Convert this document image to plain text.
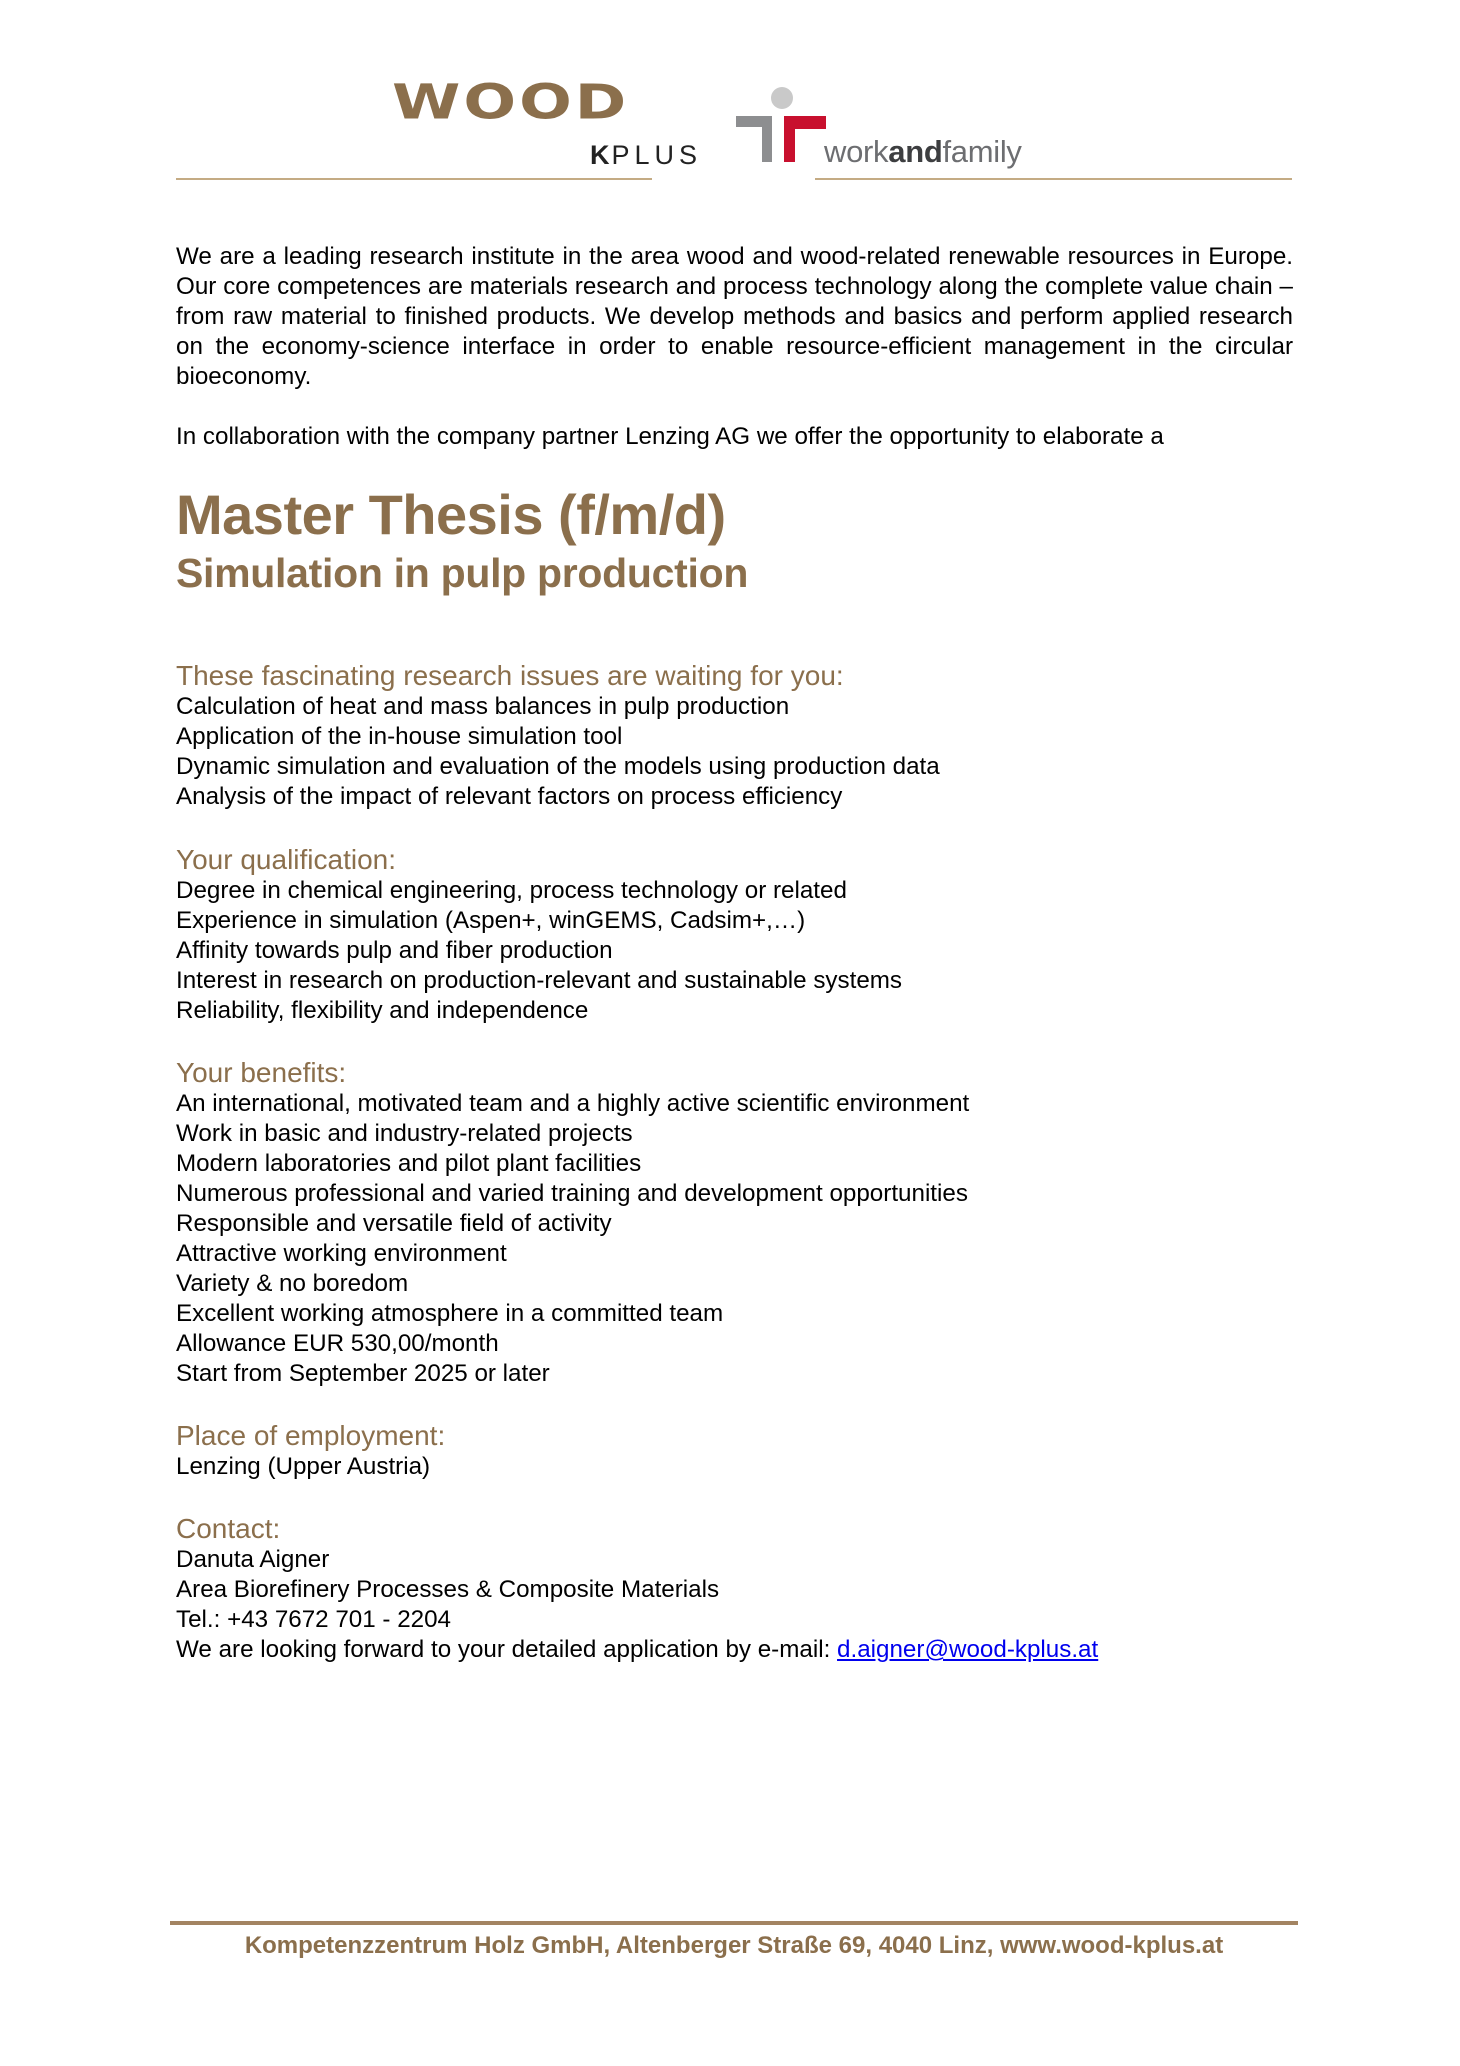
WOOD
KPLUS	workandfamily

We are a leading research institute in the area wood and wood-related renewable resources in Europe. Our core competences are materials research and process technology along the complete value chain – from raw material to finished products. We develop methods and basics and perform applied research on the economy-science interface in order to enable resource-efficient management in the circular bioeconomy.

In collaboration with the company partner Lenzing AG we offer the opportunity to elaborate a
Master Thesis (f/m/d)
Simulation in pulp production
These fascinating research issues are waiting for you:
Calculation of heat and mass balances in pulp production
Application of the in-house simulation tool
Dynamic simulation and evaluation of the models using production data
Analysis of the impact of relevant factors on process efficiency
Your qualification:
Degree in chemical engineering, process technology or related
Experience in simulation (Aspen+, winGEMS, Cadsim+,…)
Affinity towards pulp and fiber production
Interest in research on production-relevant and sustainable systems
Reliability, flexibility and independence
Your benefits:
An international, motivated team and a highly active scientific environment
Work in basic and industry-related projects
Modern laboratories and pilot plant facilities
Numerous professional and varied training and development opportunities
Responsible and versatile field of activity
Attractive working environment
Variety & no boredom
Excellent working atmosphere in a committed team
Allowance EUR 530,00/month
Start from September 2025 or later
Place of employment:
Lenzing (Upper Austria)
Contact:
Danuta Aigner
Area Biorefinery Processes & Composite Materials
Tel.: +43 7672 701 - 2204
We are looking forward to your detailed application by e-mail: d.aigner@wood-kplus.at
Kompetenzzentrum Holz GmbH, Altenberger Straße 69, 4040 Linz, www.wood-kplus.at
